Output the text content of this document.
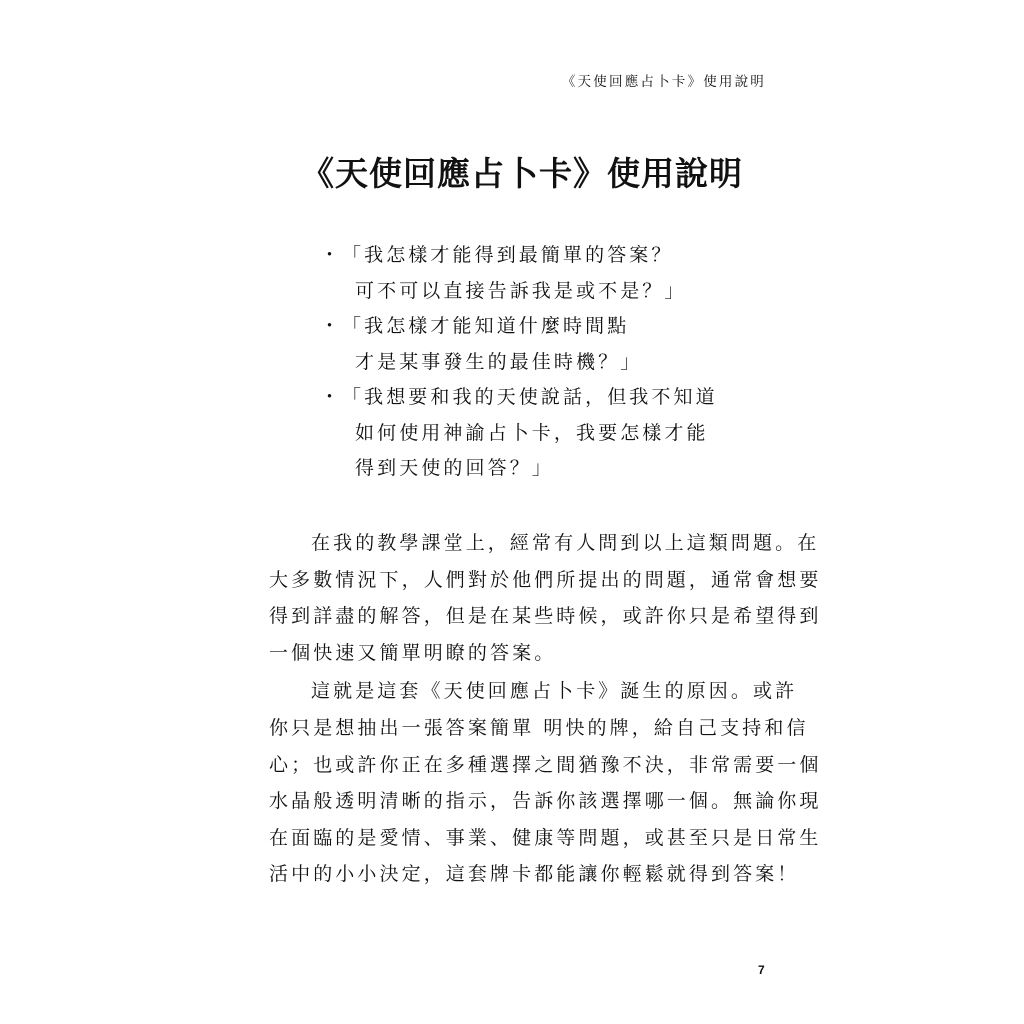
《天使回應占卜卡》使用說明
《天使回應占卜卡》使用說明
・ 「我怎樣才能得到最簡單的答案？
可不可以直接告訴我是或不是？」
・ 「我怎樣才能知道什麼時間點
才是某事發生的最佳時機？」
・ 「我想要和我的天使說話，但我不知道
如何使用神諭占卜卡，我要怎樣才能
得到天使的回答？」
在我的教學課堂上，經常有人問到以上這類問題。在
大多數情況下，人們對於他們所提出的問題，通常會想要
得到詳盡的解答，但是在某些時候，或許你只是希望得到
一個快速又簡單明瞭的答案。
這就是這套《天使回應占卜卡》誕生的原因。或許
你只是想抽出一張答案簡單 明快的牌，給自己支持和信
心；也或許你正在多種選擇之間猶豫不決，非常需要一個
水晶般透明清晰的指示，告訴你該選擇哪一個。無論你現
在面臨的是愛情、事業、健康等問題，或甚至只是日常生
活中的小小決定，這套牌卡都能讓你輕鬆就得到答案！
7
